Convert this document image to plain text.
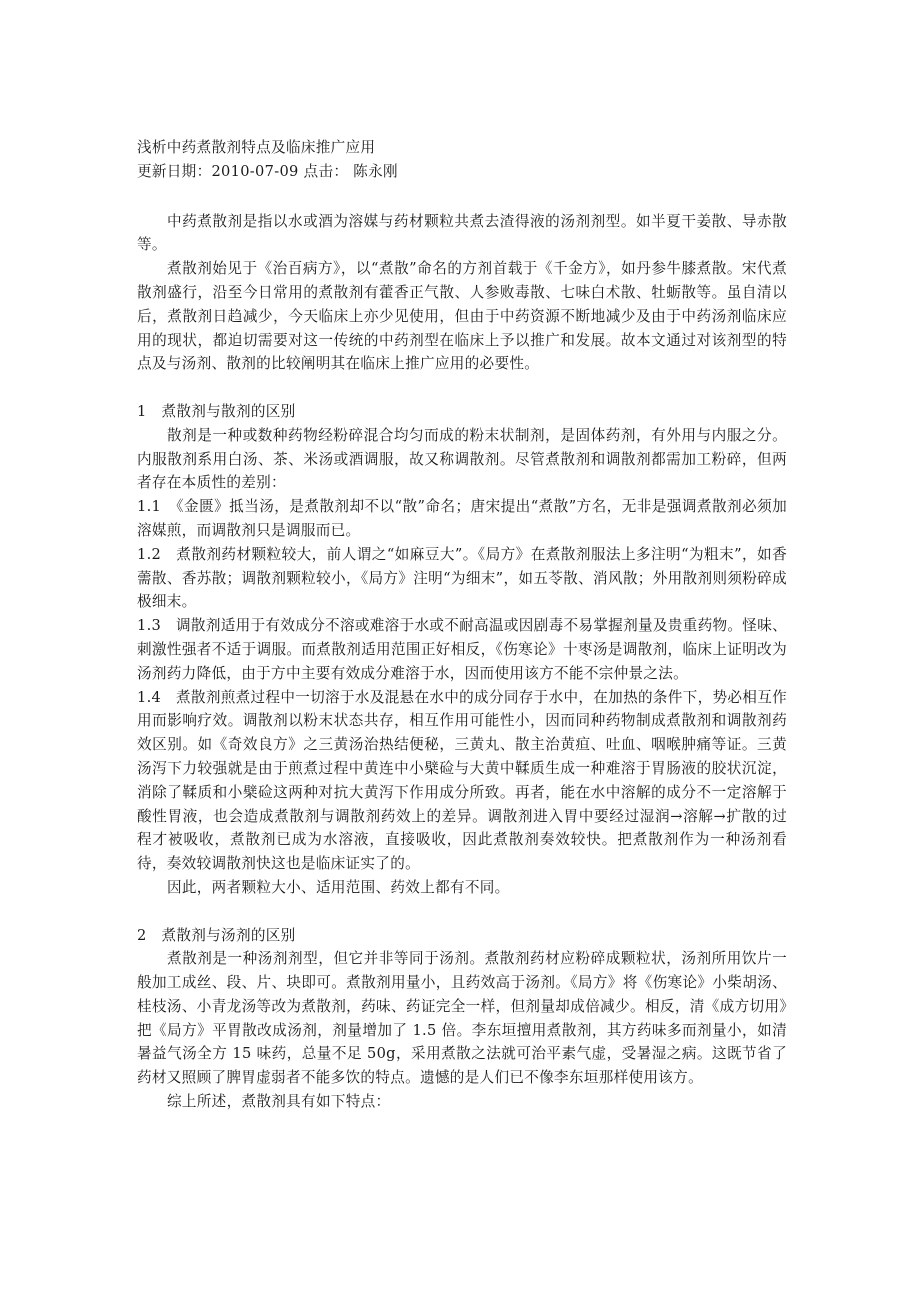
浅析中药煮散剂特点及临床推广应用

更新日期：2010-07-09 点击： 陈永刚

中药煮散剂是指以水或酒为溶媒与药材颗粒共煮去渣得液的汤剂剂型。如半夏干姜散、导赤散等。

煮散剂始见于《治百病方》，以“煮散”命名的方剂首载于《千金方》，如丹参牛膝煮散。宋代煮散剂盛行，沿至今日常用的煮散剂有藿香正气散、人参败毒散、七味白术散、牡蛎散等。虽自清以后，煮散剂日趋减少，今天临床上亦少见使用，但由于中药资源不断地减少及由于中药汤剂临床应用的现状，都迫切需要对这一传统的中药剂型在临床上予以推广和发展。故本文通过对该剂型的特点及与汤剂、散剂的比较阐明其在临床上推广应用的必要性。

1　煮散剂与散剂的区别

散剂是一种或数种药物经粉碎混合均匀而成的粉末状制剂，是固体药剂，有外用与内服之分。内服散剂系用白汤、茶、米汤或酒调服，故又称调散剂。尽管煮散剂和调散剂都需加工粉碎，但两者存在本质性的差别：

1.1　《金匮》抵当汤，是煮散剂却不以“散”命名；唐宋提出“煮散”方名，无非是强调煮散剂必须加溶媒煎，而调散剂只是调服而已。

1.2　煮散剂药材颗粒较大，前人谓之“如麻豆大”。《局方》在煮散剂服法上多注明“为粗末”，如香薷散、香苏散；调散剂颗粒较小，《局方》注明“为细末”，如五苓散、消风散；外用散剂则须粉碎成极细末。

1.3　调散剂适用于有效成分不溶或难溶于水或不耐高温或因剧毒不易掌握剂量及贵重药物。怪味、刺激性强者不适于调服。而煮散剂适用范围正好相反，《伤寒论》十枣汤是调散剂，临床上证明改为汤剂药力降低，由于方中主要有效成分难溶于水，因而使用该方不能不宗仲景之法。

1.4　煮散剂煎煮过程中一切溶于水及混悬在水中的成分同存于水中，在加热的条件下，势必相互作用而影响疗效。调散剂以粉末状态共存，相互作用可能性小，因而同种药物制成煮散剂和调散剂药效区别。如《奇效良方》之三黄汤治热结便秘，三黄丸、散主治黄疸、吐血、咽喉肿痛等证。三黄汤泻下力较强就是由于煎煮过程中黄连中小檗硷与大黄中鞣质生成一种难溶于胃肠液的胶状沉淀，消除了鞣质和小檗硷这两种对抗大黄泻下作用成分所致。再者，能在水中溶解的成分不一定溶解于酸性胃液，也会造成煮散剂与调散剂药效上的差异。调散剂进入胃中要经过湿润→溶解→扩散的过程才被吸收，煮散剂已成为水溶液，直接吸收，因此煮散剂奏效较快。把煮散剂作为一种汤剂看待，奏效较调散剂快这也是临床证实了的。

因此，两者颗粒大小、适用范围、药效上都有不同。

2　煮散剂与汤剂的区别

煮散剂是一种汤剂剂型，但它并非等同于汤剂。煮散剂药材应粉碎成颗粒状，汤剂所用饮片一般加工成丝、段、片、块即可。煮散剂用量小，且药效高于汤剂。《局方》将《伤寒论》小柴胡汤、桂枝汤、小青龙汤等改为煮散剂，药味、药证完全一样，但剂量却成倍减少。相反，清《成方切用》把《局方》平胃散改成汤剂，剂量增加了 1.5 倍。李东垣擅用煮散剂，其方药味多而剂量小，如清暑益气汤全方 15 味药，总量不足 50g，采用煮散之法就可治平素气虚，受暑湿之病。这既节省了药材又照顾了脾胃虚弱者不能多饮的特点。遗憾的是人们已不像李东垣那样使用该方。

综上所述，煮散剂具有如下特点：
